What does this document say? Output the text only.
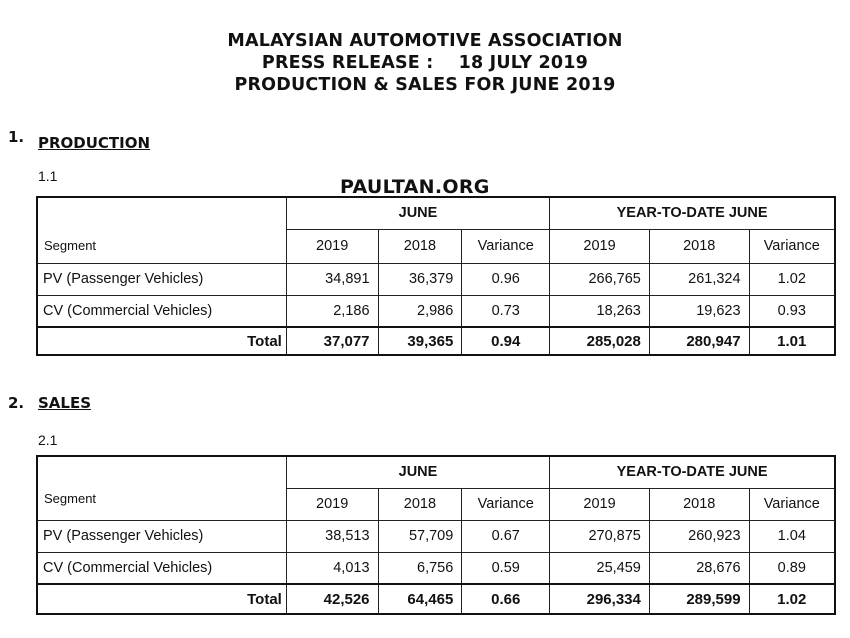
MALAYSIAN AUTOMOTIVE ASSOCIATION
PRESS RELEASE :    18 JULY 2019
PRODUCTION & SALES FOR JUNE 2019
1. PRODUCTION
1.1	PAULTAN.ORG
Segment	JUNE			YEAR-TO-DATE JUNE		
	2019	2018	Variance	2019	2018	Variance
PV (Passenger Vehicles)	34,891	36,379	0.96	266,765	261,324	1.02
CV (Commercial Vehicles)	2,186	2,986	0.73	18,263	19,623	0.93
Total	37,077	39,365	0.94	285,028	280,947	1.01
2. SALES
2.1
Segment	JUNE			YEAR-TO-DATE JUNE		
	2019	2018	Variance	2019	2018	Variance
PV (Passenger Vehicles)	38,513	57,709	0.67	270,875	260,923	1.04
CV (Commercial Vehicles)	4,013	6,756	0.59	25,459	28,676	0.89
Total	42,526	64,465	0.66	296,334	289,599	1.02
